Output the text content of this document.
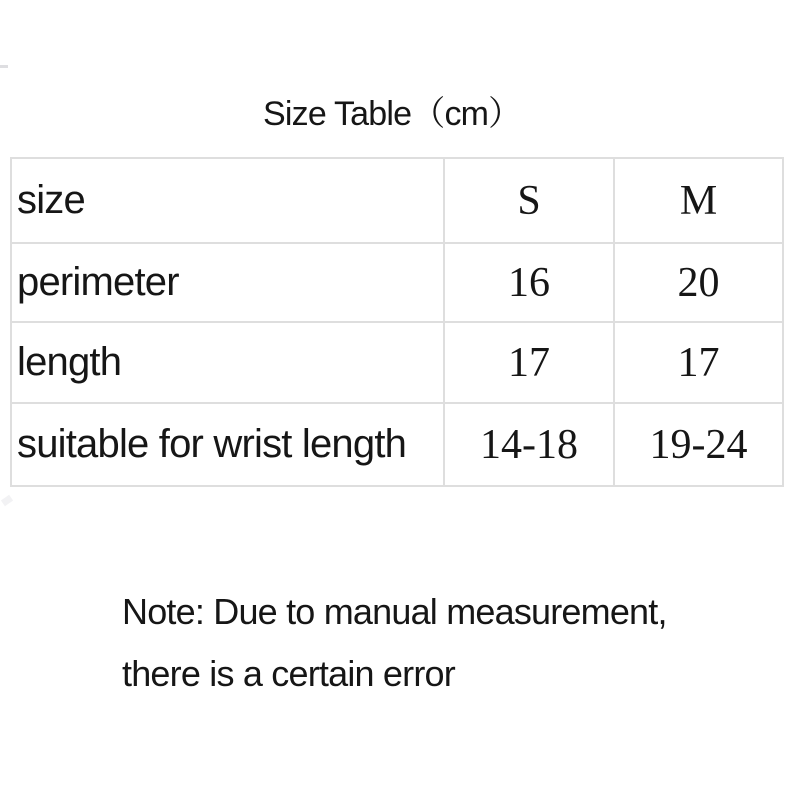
Size Table（cm）
size	S	M
perimeter	16	20
length	17	17
suitable for wrist length	14-18	19-24
Note: Due to manual measurement,
there is a certain error
